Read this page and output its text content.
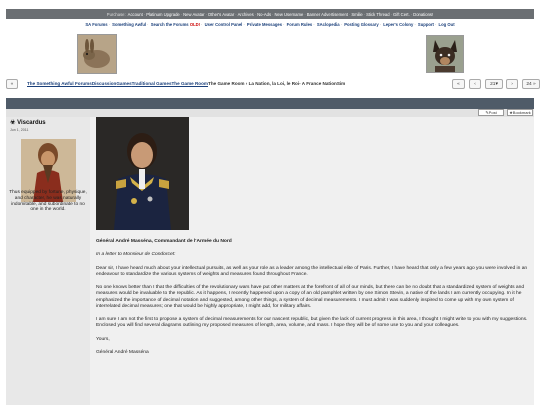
Purchase: Account · Platinum Upgrade · New Avatar · Other's Avatar · Archives · No-Ads · New Username · Banner Advertisement · Smilie · Stick Thread · Gift Cert. · Donations!
SA Forums· Something Awful· Search the Forums OLD!· User Control Panel· Private Messages· Forum Rules· SAclopedia· Posting Glossary· Leper's Colony· Support· Log Out
«	The Something Awful ForumsDiscussionGamesTraditional GamesThe Game RoomThe Game Room › La Nation, la Loi, le Roi- A France NationSim	«	‹	21 ▾	›	24 »
✎ Post	★ Bookmark
☣ Viscardus
Jun 1, 2011
Thus equipped by fortune, physique, and character, he was naturally indomitable, and subordinate to no one in the world.

Général André Masséna, Commandant de l'Armée du Nord

In a letter to Monsieur de Condorcet:

Dear sir, I have heard much about your intellectual pursuits, as well as your role as a leader among the intellectual elite of Paris. Further, I have heard that only a few years ago you were involved in an endeavour to standardize the various systems of weights and measures found throughout France.

No one knows better than I that the difficulties of the revolutionary wars have put other matters at the forefront of all of our minds, but there can be no doubt that a standardized system of weights and measures would be invaluable to the republic. As it happens, I recently happened upon a copy of an old pamphlet written by one Simon Stevin, a native of the lands I am currently occupying. In it he emphasized the importance of decimal notation and suggested, among other things, a system of decimal measurements. I must admit I was suddenly inspired to come up with my own system of interrelated decimal measures; one that would be highly appropriate, I might add, for military affairs.

I am sure I am not the first to propose a system of decimal measurements for our nascent republic, but given the lack of current progress in this area, I thought I might write to you with my suggestions. Enclosed you will find several diagrams outlining my proposed measures of length, area, volume, and mass. I hope they will be of some use to you and your colleagues.

Yours,

Général André Masséna
